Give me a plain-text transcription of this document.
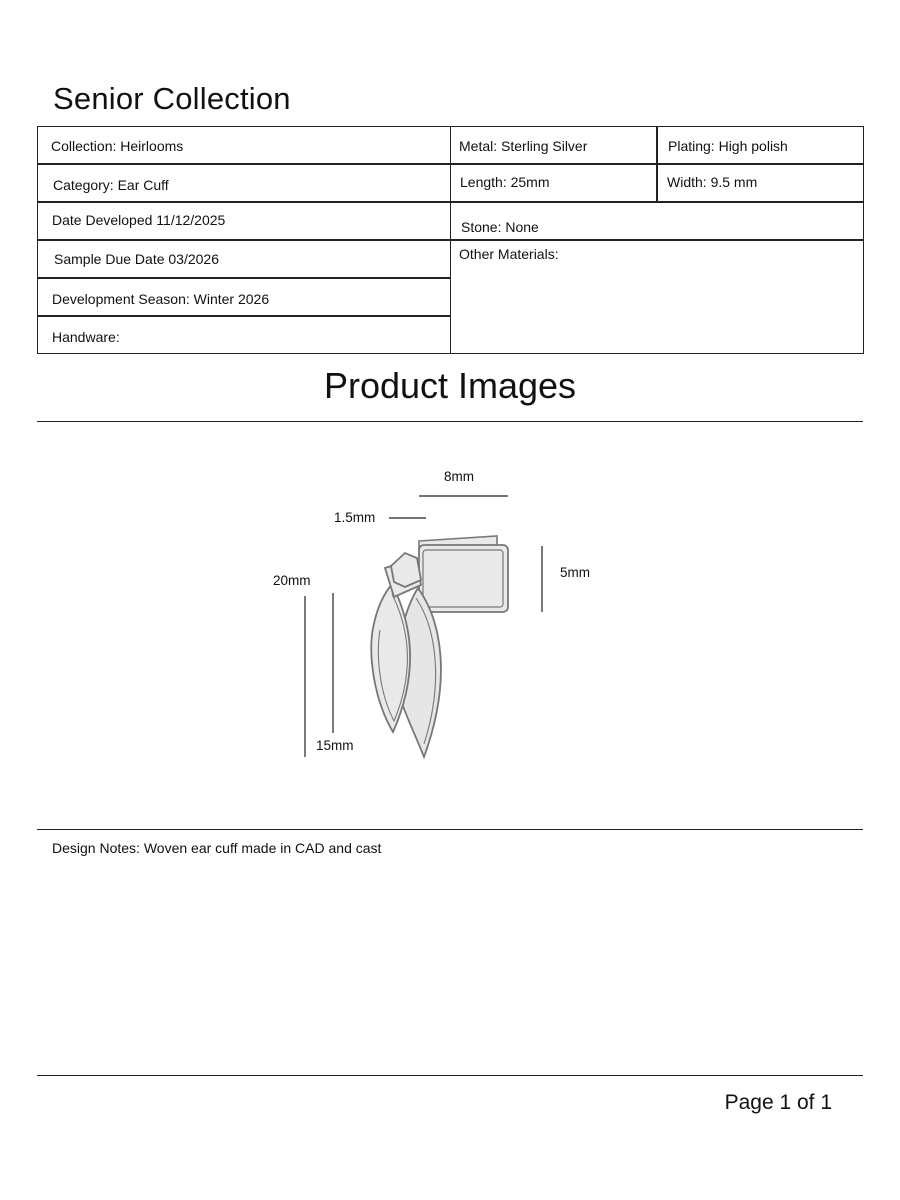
Senior Collection
Collection: Heirlooms
Category: Ear Cuff
Date Developed 11/12/2025
Sample Due Date 03/2026
Development Season: Winter 2026
Handware:
Metal: Sterling Silver	Plating: High polish
Length: 25mm	Width: 9.5 mm
Stone: None
Other Materials:
Product Images
8mm
1.5mm
5mm
20mm
15mm
Design Notes: Woven ear cuff made in CAD and cast
Page 1 of 1
